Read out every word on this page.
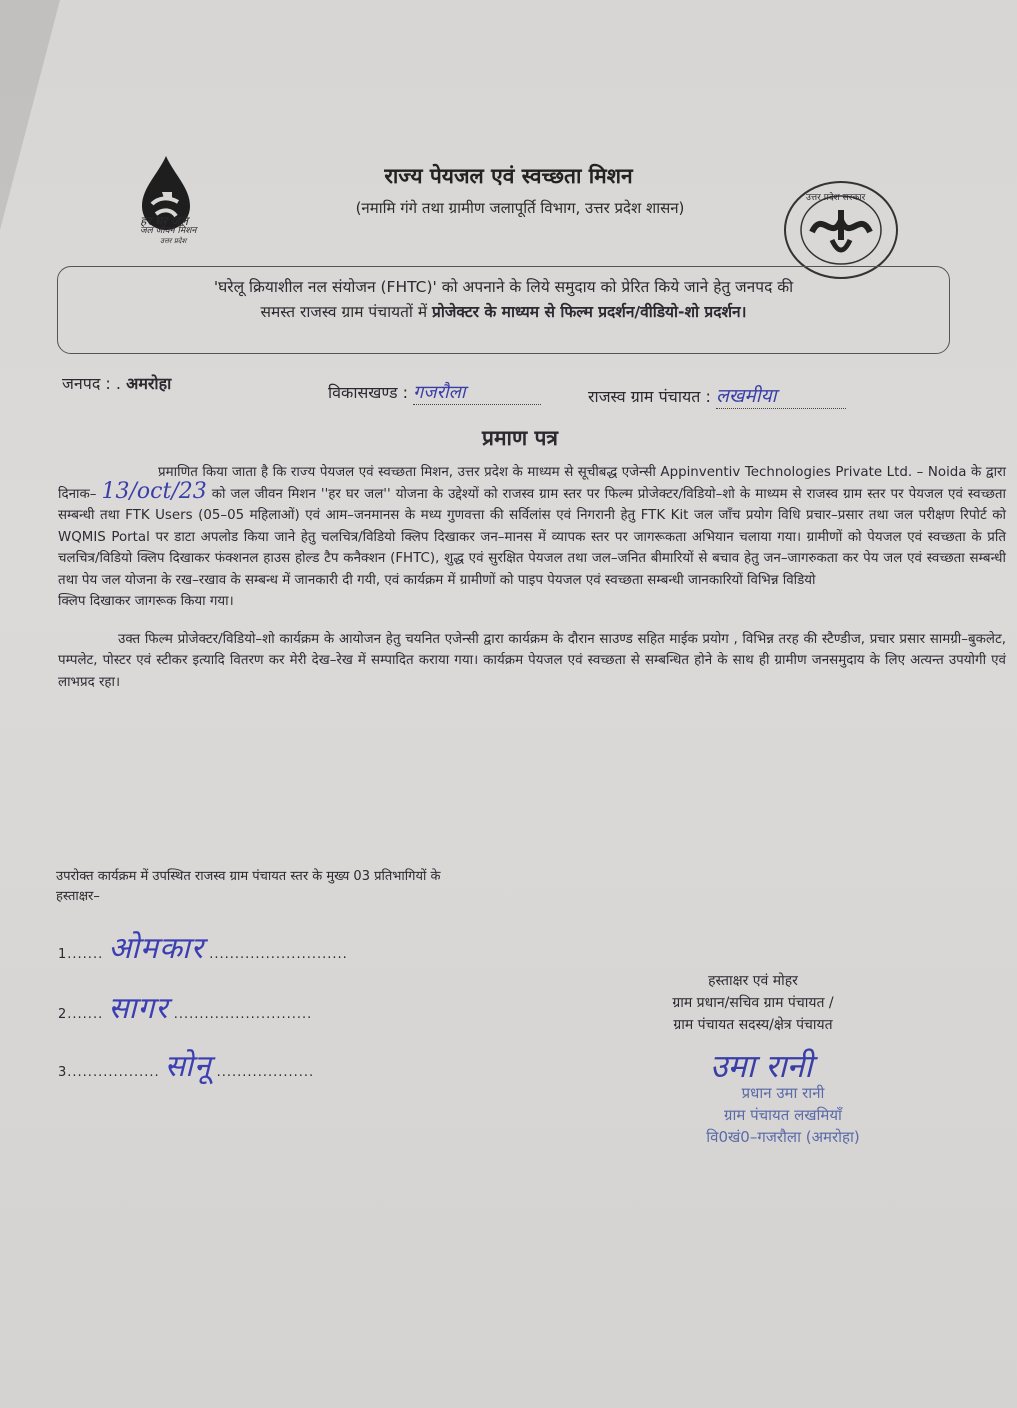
हर घर जल
जल जीवन मिशन
उत्तर प्रदेश
उत्तर प्रदेश सरकार
राज्य पेयजल एवं स्वच्छता मिशन
(नमामि गंगे तथा ग्रामीण जलापूर्ति विभाग, उत्तर प्रदेश शासन)
'घरेलू क्रियाशील नल संयोजन (FHTC)' को अपनाने के लिये समुदाय को प्रेरित किये जाने हेतु जनपद की
समस्त राजस्व ग्राम पंचायतों में प्रोजेक्टर के माध्यम से फिल्म प्रदर्शन/वीडियो-शो प्रदर्शन।
जनपद : . अमरोहा	विकासखण्ड : गजरौला	राजस्व ग्राम पंचायत : लखमीया
प्रमाण पत्र

प्रमाणित किया जाता है कि राज्य पेयजल एवं स्वच्छता मिशन, उत्तर प्रदेश के माध्यम से सूचीबद्ध एजेन्सी Appinventiv Technologies Private Ltd. – Noida के द्वारा दिनाक– 13/oct/23 को जल जीवन मिशन ''हर घर जल'' योजना के उद्देश्यों को राजस्व ग्राम स्तर पर फिल्म प्रोजेक्टर/विडियो–शो के माध्यम से राजस्व ग्राम स्तर पर पेयजल एवं स्वच्छता सम्बन्धी तथा FTK Users (05–05 महिलाओं) एवं आम–जनमानस के मध्य गुणवत्ता की सर्विलांस एवं निगरानी हेतु FTK Kit जल जाँच प्रयोग विधि प्रचार–प्रसार तथा जल परीक्षण रिपोर्ट को WQMIS Portal पर डाटा अपलोड किया जाने हेतु चलचित्र/विडियो क्लिप दिखाकर जन–मानस में व्यापक स्तर पर जागरूकता अभियान चलाया गया। ग्रामीणों को पेयजल एवं स्वच्छता के प्रति चलचित्र/विडियो क्लिप दिखाकर फंक्शनल हाउस होल्ड टैप कनैक्शन (FHTC), शुद्ध एवं सुरक्षित पेयजल तथा जल–जनित बीमारियों से बचाव हेतु जन–जागरुकता कर पेय जल एवं स्वच्छता सम्बन्धी तथा पेय जल योजना के रख–रखाव के सम्बन्ध में जानकारी दी गयी, एवं कार्यक्रम में ग्रामीणों को पाइप पेयजल एवं स्वच्छता सम्बन्धी जानकारियों विभिन्न विडियो

क्लिप दिखाकर जागरूक किया गया।

उक्त फिल्म प्रोजेक्टर/विडियो–शो कार्यक्रम के आयोजन हेतु चयनित एजेन्सी द्वारा कार्यक्रम के दौरान साउण्ड सहित माईक प्रयोग , विभिन्न तरह की स्टैण्डीज, प्रचार प्रसार सामग्री–बुकलेट, पम्पलेट, पोस्टर एवं स्टीकर इत्यादि वितरण कर मेरी देख–रेख में सम्पादित कराया गया। कार्यक्रम पेयजल एवं स्वच्छता से सम्बन्धित होने के साथ ही ग्रामीण जनसमुदाय के लिए अत्यन्त उपयोगी एवं लाभप्रद रहा।

उपरोक्त कार्यक्रम में उपस्थित राजस्व ग्राम पंचायत स्तर के मुख्य 03 प्रतिभागियों के
हस्ताक्षर–
1....... ओमकार ...........................
2....... सागर ...........................
3.................. सोनू ...................
हस्ताक्षर एवं मोहर
ग्राम प्रधान/सचिव ग्राम पंचायत /
ग्राम पंचायत सदस्य/क्षेत्र पंचायत
उमा रानी
प्रधान उमा रानी
ग्राम पंचायत लखमियाँ
वि0खं0–गजरौला (अमरोहा)
